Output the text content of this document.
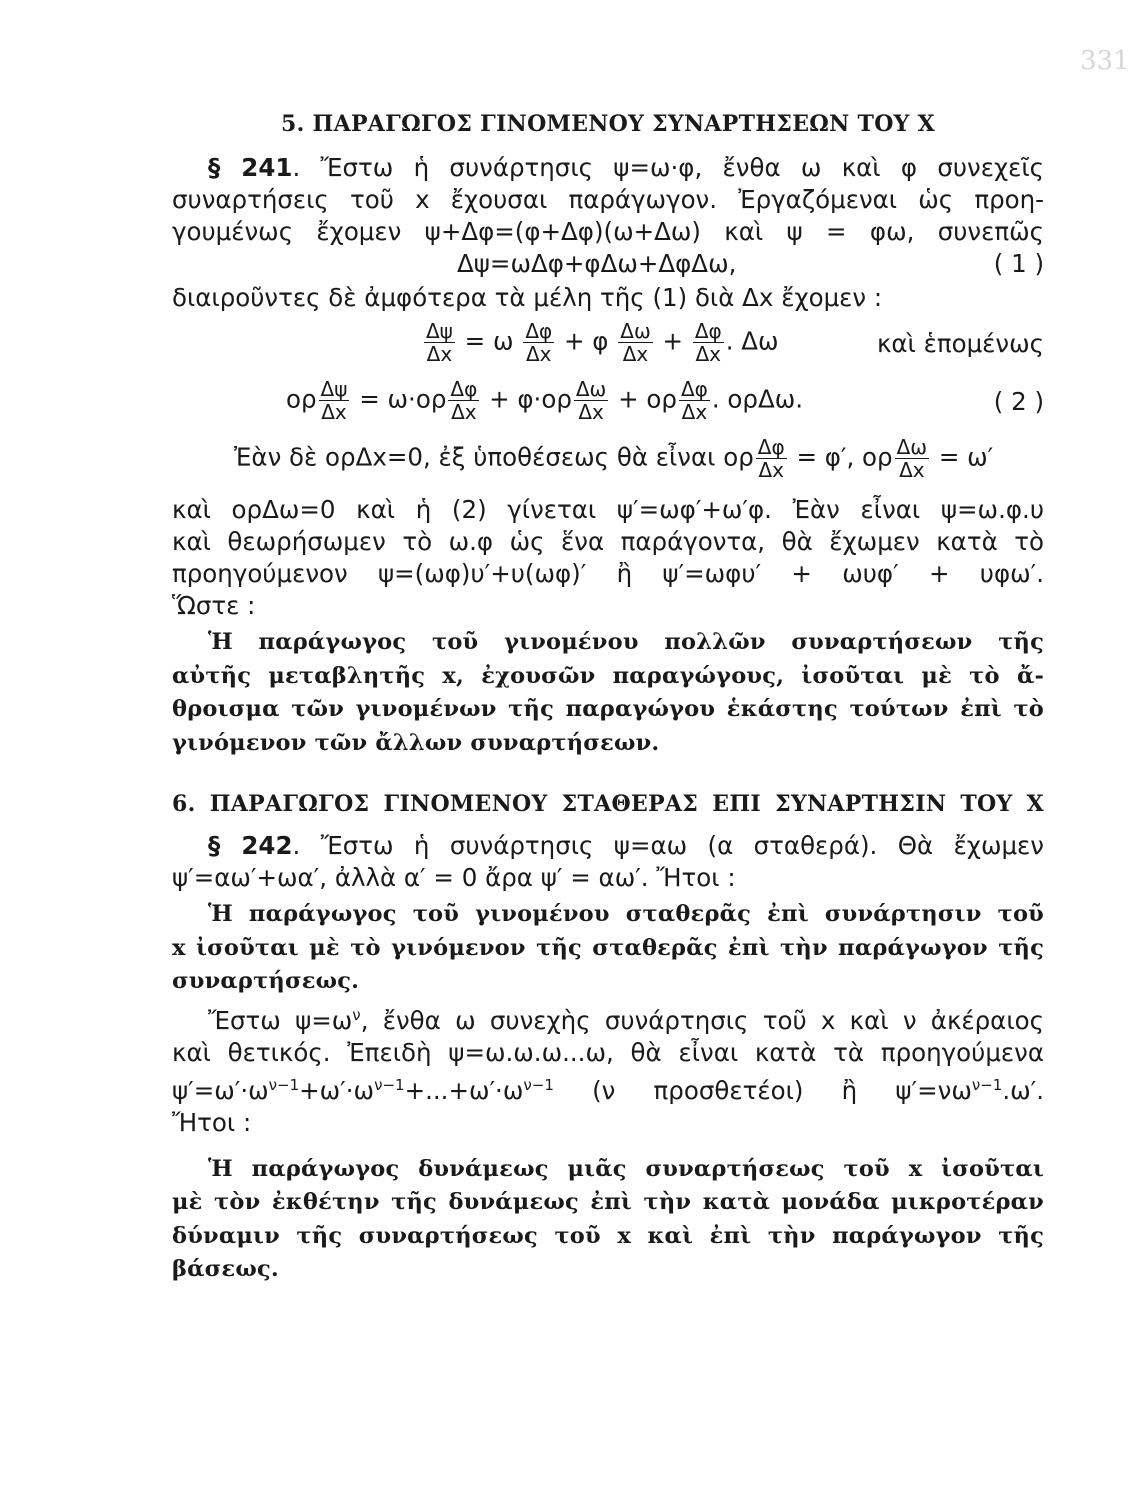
331
5. ΠΑΡΑΓΩΓΟΣ ΓΙΝΟΜΕΝΟΥ ΣΥΝΑΡΤΗΣΕΩΝ ΤΟΥ Χ
§ 241. Ἔστω ἡ συνάρτησις ψ=ω·φ, ἔνθα ω καὶ φ συνεχεῖς
συναρτήσεις τοῦ x ἔχουσαι παράγωγον. Ἐργαζόμεναι ὡς προη-
γουμένως ἔχομεν ψ+Δφ=(φ+Δφ)(ω+Δω) καὶ ψ = φω, συνεπῶς
Δψ=ωΔφ+φΔω+ΔφΔω,	( 1 )
διαιροῦντες δὲ ἀμφότερα τὰ μέλη τῆς (1) διὰ Δx ἔχομεν :
$\frac{\Delta\psi}{\Delta x} = \omega \frac{\Delta\varphi}{\Delta x} + \varphi \frac{\Delta\omega}{\Delta x} + \frac{\Delta\varphi}{\Delta x}$ . Δω	καὶ ἑπομένως
ορ $\frac{\Delta\psi}{\Delta x} = \omega\cdot o\rho \frac{\Delta\varphi}{\Delta x} + \varphi\cdot o\rho \frac{\Delta\omega}{\Delta x} + o\rho \frac{\Delta\varphi}{\Delta x}$ . ορΔω.	( 2 )
Ἐὰν δὲ ορΔx=0, ἐξ ὑποθέσεως θὰ εἶναι ορ $\frac{\Delta\varphi}{\Delta x} = \varphi'$, ορ $\frac{\Delta\omega}{\Delta x} = \omega'$
καὶ ορΔω=0 καὶ ἡ (2) γίνεται ψ′=ωφ′+ω′φ. Ἐὰν εἶναι ψ=ω.φ.υ
καὶ θεωρήσωμεν τὸ ω.φ ὡς ἕνα παράγοντα, θὰ ἔχωμεν κατὰ τὸ
προηγούμενον ψ=(ωφ)υ′+υ(ωφ)′ ἢ ψ′=ωφυ′ + ωυφ′ + υφω′.
Ὥστε :
Ἡ παράγωγος τοῦ γινομένου πολλῶν συναρτήσεων τῆς
αὐτῆς μεταβλητῆς x, ἐχουσῶν παραγώγους, ἰσοῦται μὲ τὸ ἄ-
θροισμα τῶν γινομένων τῆς παραγώγου ἑκάστης τούτων ἐπὶ τὸ
γινόμενον τῶν ἄλλων συναρτήσεων.
6. ΠΑΡΑΓΩΓΟΣ ΓΙΝΟΜΕΝΟΥ ΣΤΑΘΕΡΑΣ ΕΠΙ ΣΥΝΑΡΤΗΣΙΝ ΤΟΥ Χ
§ 242. Ἔστω ἡ συνάρτησις ψ=αω (α σταθερά). Θὰ ἔχωμεν
ψ′=αω′+ωα′, ἀλλὰ α′ = 0 ἄρα ψ′ = αω′. Ἤτοι :
Ἡ παράγωγος τοῦ γινομένου σταθερᾶς ἐπὶ συνάρτησιν τοῦ
x ἰσοῦται μὲ τὸ γινόμενον τῆς σταθερᾶς ἐπὶ τὴν παράγωγον τῆς
συναρτήσεως.
Ἔστω $\psi=\omega^\nu$, ἔνθα ω συνεχὴς συνάρτησις τοῦ x καὶ ν ἀκέραιος
καὶ θετικός. Ἐπειδὴ ψ=ω.ω.ω...ω, θὰ εἶναι κατὰ τὰ προηγούμενα
$\psi'=\omega'\cdot\omega^{\nu-1}+\omega'\cdot\omega^{\nu-1}+...+\omega'\cdot\omega^{\nu-1}$ (ν προσθετέοι) ἢ $\psi'=\nu\omega^{\nu-1}.\omega'$.
Ἤτοι :
Ἡ παράγωγος δυνάμεως μιᾶς συναρτήσεως τοῦ x ἰσοῦται
μὲ τὸν ἐκθέτην τῆς δυνάμεως ἐπὶ τὴν κατὰ μονάδα μικροτέραν
δύναμιν τῆς συναρτήσεως τοῦ x καὶ ἐπὶ τὴν παράγωγον τῆς
βάσεως.
